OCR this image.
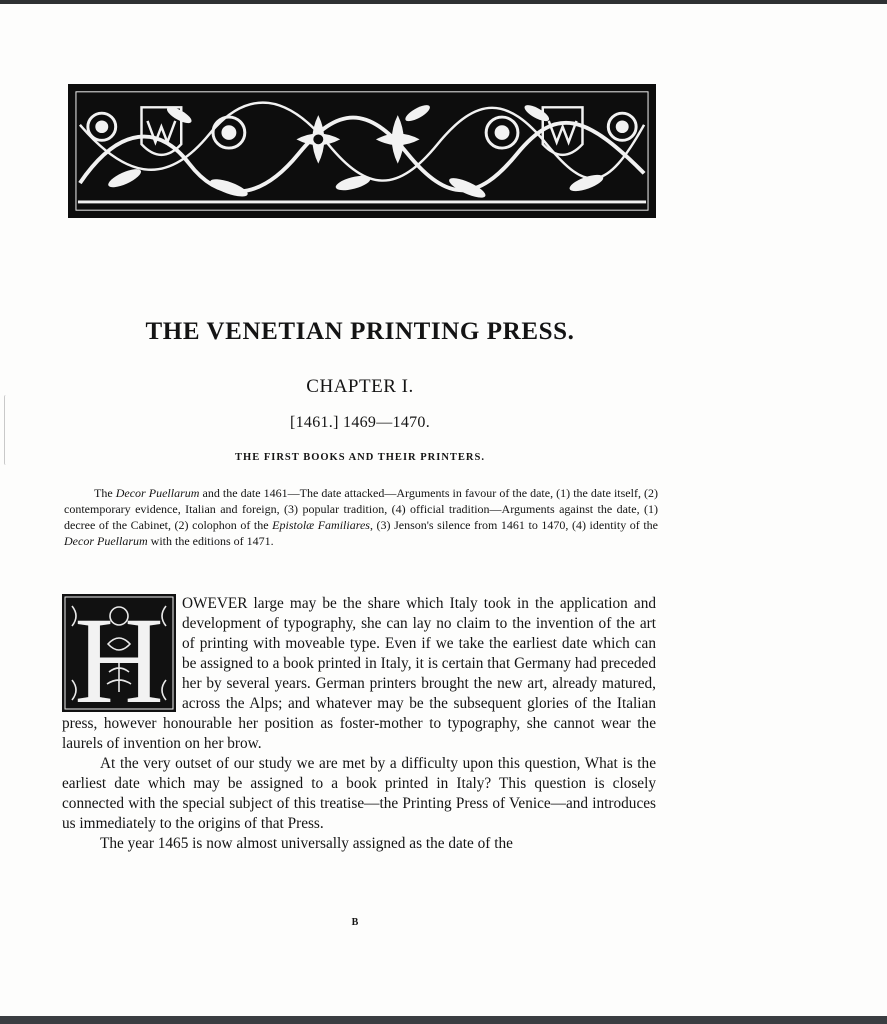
THE VENETIAN PRINTING PRESS.
CHAPTER I.
[1461.] 1469—1470.
THE FIRST BOOKS AND THEIR PRINTERS.

The Decor Puellarum and the date 1461—The date attacked—Arguments in favour of the date, (1) the date itself, (2) contemporary evidence, Italian and foreign, (3) popular tradition, (4) official tradition—Arguments against the date, (1) decree of the Cabinet, (2) colophon of the Epistolæ Familiares, (3) Jenson's silence from 1461 to 1470, (4) identity of the Decor Puellarum with the editions of 1471.

H	OWEVER large may be the share which Italy took in the application and development of typography, she can lay no claim to the invention of the art of printing with moveable type. Even if we take the earliest date which can be assigned to a book printed in Italy, it is certain that Germany had preceded her by several years. German printers brought the new art, already matured, across the Alps; and whatever may be the subsequent glories of the Italian press, however honourable her position as foster-mother to typography, she cannot wear the laurels of invention on her brow.

At the very outset of our study we are met by a difficulty upon this question, What is the earliest date which may be assigned to a book printed in Italy? This question is closely connected with the special subject of this treatise—the Printing Press of Venice—and introduces us immediately to the origins of that Press.

The year 1465 is now almost universally assigned as the date of the

B
